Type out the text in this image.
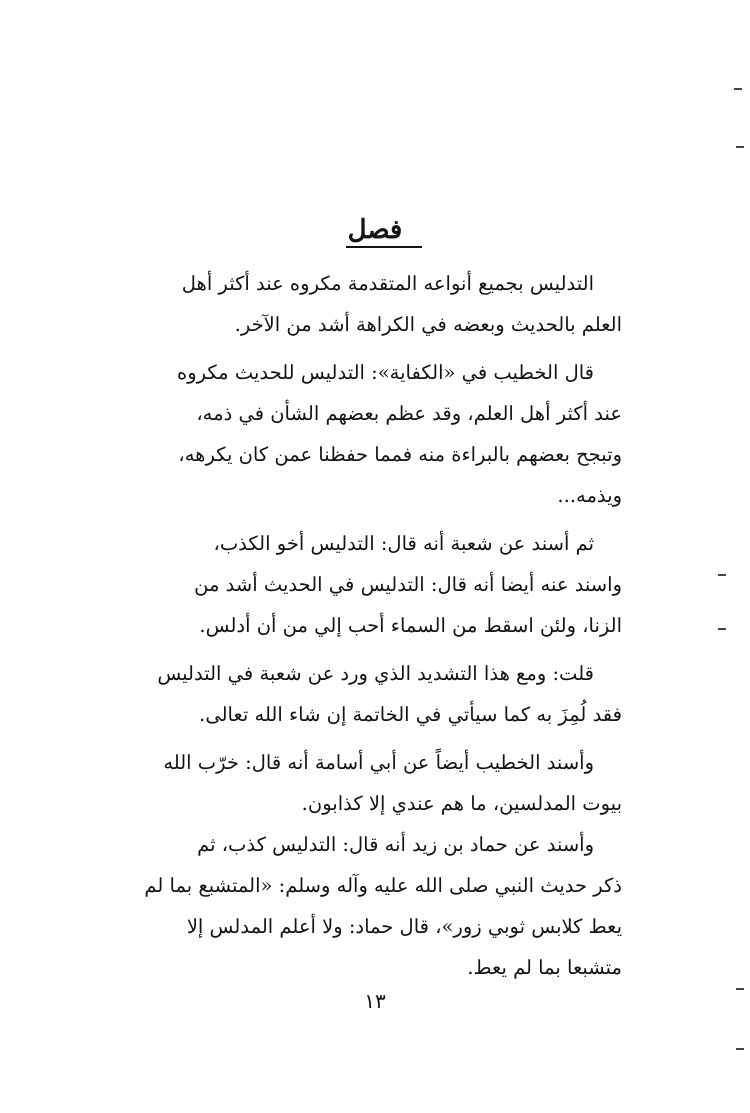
فصل
التدليس بجميع أنواعه المتقدمة مكروه عند أكثر أهل
العلم بالحديث وبعضه في الكراهة أشد من الآخر.
قال الخطيب في «الكفاية»: التدليس للحديث مكروه
عند أكثر أهل العلم، وقد عظم بعضهم الشأن في ذمه،
وتبجح بعضهم بالبراءة منه فمما حفظنا عمن كان يكرهه،
ويذمه...
ثم أسند عن شعبة أنه قال: التدليس أخو الكذب،
واسند عنه أيضا أنه قال: التدليس في الحديث أشد من
الزنا، ولئن اسقط من السماء أحب إلي من أن أدلس.
قلت: ومع هذا التشديد الذي ورد عن شعبة في التدليس
فقد لُمِزَ به كما سيأتي في الخاتمة إن شاء الله تعالى.
وأسند الخطيب أيضاً عن أبي أسامة أنه قال: خرّب الله
بيوت المدلسين، ما هم عندي إلا كذابون.
وأسند عن حماد بن زيد أنه قال: التدليس كذب، ثم
ذكر حديث النبي صلى الله عليه وآله وسلم: «المتشبع بما لم
يعط كلابس ثوبي زور»، قال حماد: ولا أعلم المدلس إلا
متشبعا بما لم يعط.
١٣
